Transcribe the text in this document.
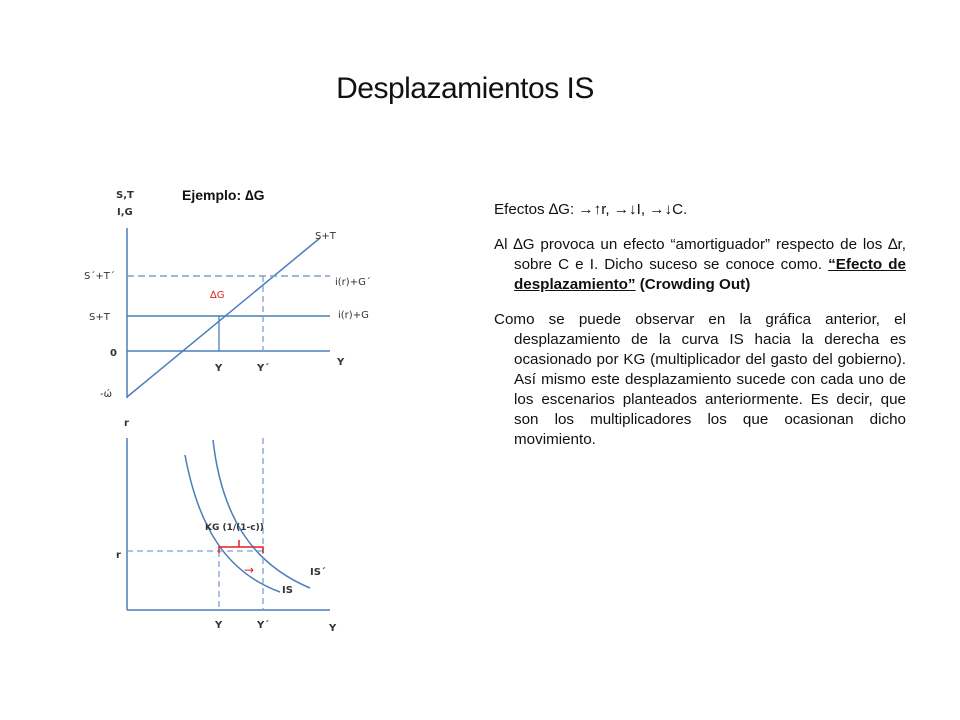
Desplazamientos IS
S,T
I,G
Ejemplo: ∆G
S+T
S´+T´
S+T
0
-ώ
i(r)+G´
i(r)+G
∆G
Y	Y´
Y
r
r
KG (1/(1-c))
→
IS
IS´
Y	Y´	Y

Efectos ∆G: →↑r, →↓I, →↓C.

Al ∆G provoca un efecto “amortiguador” respecto de los ∆r, sobre C e I. Dicho suceso se conoce como. “Efecto de desplazamiento” (Crowding Out)

Como se puede observar en la gráfica anterior, el desplazamiento de la curva IS hacia la derecha es ocasionado por KG (multiplicador del gasto del gobierno). Así mismo este desplazamiento sucede con cada uno de los escenarios planteados anteriormente. Es decir, que son los multiplicadores los que ocasionan dicho movimiento.
